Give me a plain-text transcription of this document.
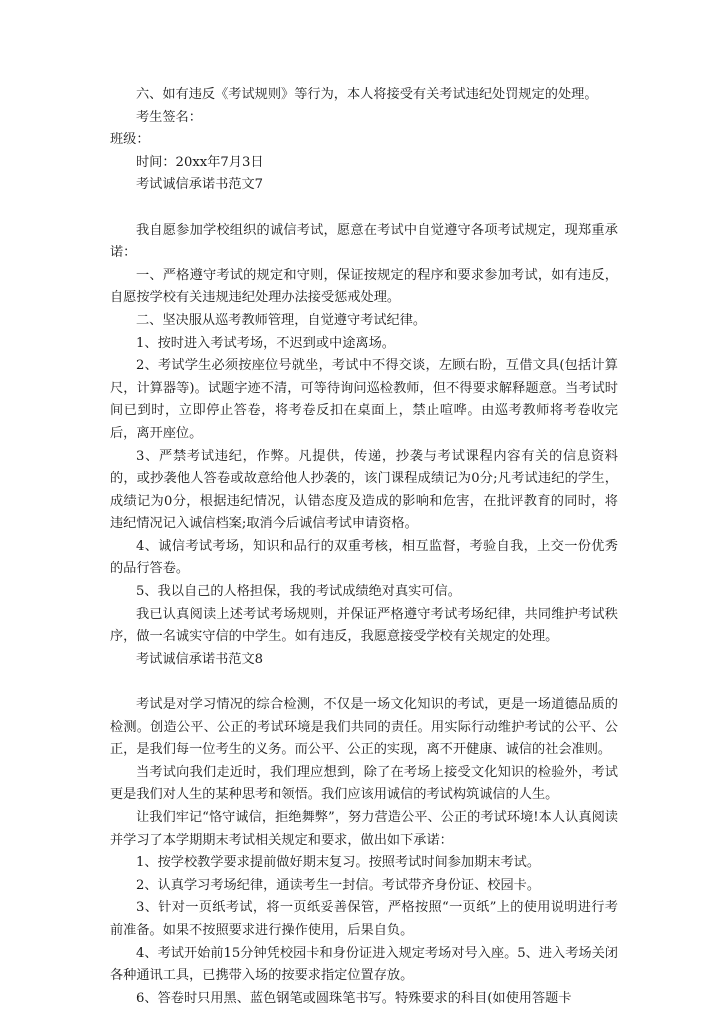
六、如有违反《考试规则》等行为，本人将接受有关考试违纪处罚规定的处理。

考生签名：

班级：

时间：20xx年7月3日

考试诚信承诺书范文7

我自愿参加学校组织的诚信考试，愿意在考试中自觉遵守各项考试规定，现郑重承诺：

一、严格遵守考试的规定和守则，保证按规定的程序和要求参加考试，如有违反，自愿按学校有关违规违纪处理办法接受惩戒处理。

二、坚决服从巡考教师管理，自觉遵守考试纪律。

1、按时进入考试考场，不迟到或中途离场。

2、考试学生必须按座位号就坐，考试中不得交谈，左顾右盼，互借文具(包括计算尺，计算器等)。试题字迹不清，可等待询问巡检教师，但不得要求解释题意。当考试时间已到时，立即停止答卷，将考卷反扣在桌面上，禁止喧哗。由巡考教师将考卷收完后，离开座位。

3、严禁考试违纪，作弊。凡提供，传递，抄袭与考试课程内容有关的信息资料的，或抄袭他人答卷或故意给他人抄袭的，该门课程成绩记为0分;凡考试违纪的学生，成绩记为0分，根据违纪情况，认错态度及造成的影响和危害，在批评教育的同时，将违纪情况记入诚信档案;取消今后诚信考试申请资格。

4、诚信考试考场，知识和品行的双重考核，相互监督，考验自我，上交一份优秀的品行答卷。

5、我以自己的人格担保，我的考试成绩绝对真实可信。

我已认真阅读上述考试考场规则，并保证严格遵守考试考场纪律，共同维护考试秩序，做一名诚实守信的中学生。如有违反，我愿意接受学校有关规定的处理。

考试诚信承诺书范文8

考试是对学习情况的综合检测，不仅是一场文化知识的考试，更是一场道德品质的检测。创造公平、公正的考试环境是我们共同的责任。用实际行动维护考试的公平、公正，是我们每一位考生的义务。而公平、公正的实现，离不开健康、诚信的社会准则。

当考试向我们走近时，我们理应想到，除了在考场上接受文化知识的检验外，考试更是我们对人生的某种思考和领悟。我们应该用诚信的考试构筑诚信的人生。

让我们牢记“恪守诚信，拒绝舞弊”，努力营造公平、公正的考试环境!本人认真阅读并学习了本学期期末考试相关规定和要求，做出如下承诺：

1、按学校教学要求提前做好期末复习。按照考试时间参加期末考试。

2、认真学习考场纪律，通读考生一封信。考试带齐身份证、校园卡。

3、针对一页纸考试，将一页纸妥善保管，严格按照“一页纸”上的使用说明进行考前准备。如果不按照要求进行操作使用，后果自负。

4、考试开始前15分钟凭校园卡和身份证进入规定考场对号入座。5、进入考场关闭各种通讯工具，已携带入场的按要求指定位置存放。

6、答卷时只用黑、蓝色钢笔或圆珠笔书写。特殊要求的科目(如使用答题卡
